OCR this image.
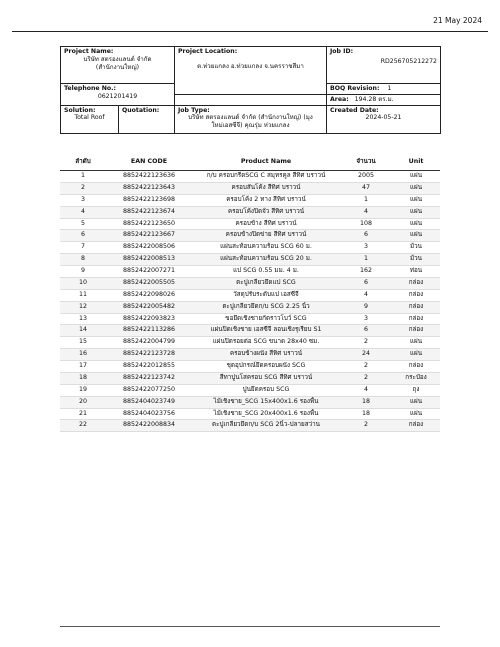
21 May 2024
Project Name:
บริษัท สตรองแลนด์ จำกัด
(สำนักงานใหญ่)		Project Location:
ต.ท่วยแกลง อ.ท่วยแกลง จ.นครราชสีมา	Job ID:
RD256705212272

Telephone No.:
0621201419			BOQ Revision: 1
			Area: 194.28 ตร.ม.

Solution:
Total Roof	Quotation:	Job Type:
บริษัท สตรองแลนด์ จำกัด (สำนักงานใหญ่) (มุง
ใหม่เอสซีจี) คุณรุ่ม ห่วยแกลง	Created Date:
2024-05-21
ลำดับ	EAN CODE	Product Name	จำนวน	Unit
1	8852422123636	ก/บ ครอบกรีดSCG C สมุทรคูล สีทิศ บราวน์	2005	แผ่น
2	8852422123643	ครอบสันโค้ง สีทิศ บราวน์	47	แผ่น
3	8852422123698	ครอบโค้ง 2 ทาง สีทิศ บราวน์	1	แผ่น
4	8852422123674	ครอบโค้งปิดจั่ว สีทิศ บราวน์	4	แผ่น
5	8852422123650	ครอบข้าง สีทิศ บราวน์	108	แผ่น
6	8852422123667	ครอบข้างปิดข่าย สีทิศ บราวน์	6	แผ่น
7	8852422008506	แผ่นสะท้อนความร้อน SCG 60 ม.	3	ม้วน
8	8852422008513	แผ่นสะท้อนความร้อน SCG 20 ม.	1	ม้วน
9	8852422007271	แป SCG 0.55 มม. 4 ม.	162	ท่อน
10	8852422005505	ตะปูเกลียวยึดแป SCG	6	กล่อง
11	8852422098026	วัสดุปรับระดับแป เอสซีจี	4	กล่อง
12	8852422005482	ตะปูเกลียวยึดก/บ SCG 2.25 นิ้ว	9	กล่อง
13	8852422093823	ขอยึดเชิงชายกัดราวโบว์ SCG	3	กล่อง
14	8852422113286	แผ่นปิดเชิงชาย เอสซีจี ลอนเชิงรุเรียบ S1	6	กล่อง
15	8852422004799	แผ่นปิดรอยต่อ SCG ขนาด 28x40 ซม.	2	แผ่น
16	8852422123728	ครอบข้างผนัง สีทิศ บราวน์	24	แผ่น
17	8852422012855	ชุดอุปกรณ์ยึดครอบผนัง SCG	2	กล่อง
18	8852422123742	สีทาปูนโสครอบ SCG สีทิศ บราวน์	2	กระป๋อง
19	8852422077250	ปูนยึดครอบ SCG	4	ถุง
20	8852404023749	ไม้เชิงชาย_SCG 15x400x1.6 รองพื้น	18	แผ่น
21	8852404023756	ไม้เชิงชาย_SCG 20x400x1.6 รองพื้น	18	แผ่น
22	8852422008834	ตะปูเกลียวยึดก/บ SCG 2นิ้ว-ปลายสว่าน	2	กล่อง
